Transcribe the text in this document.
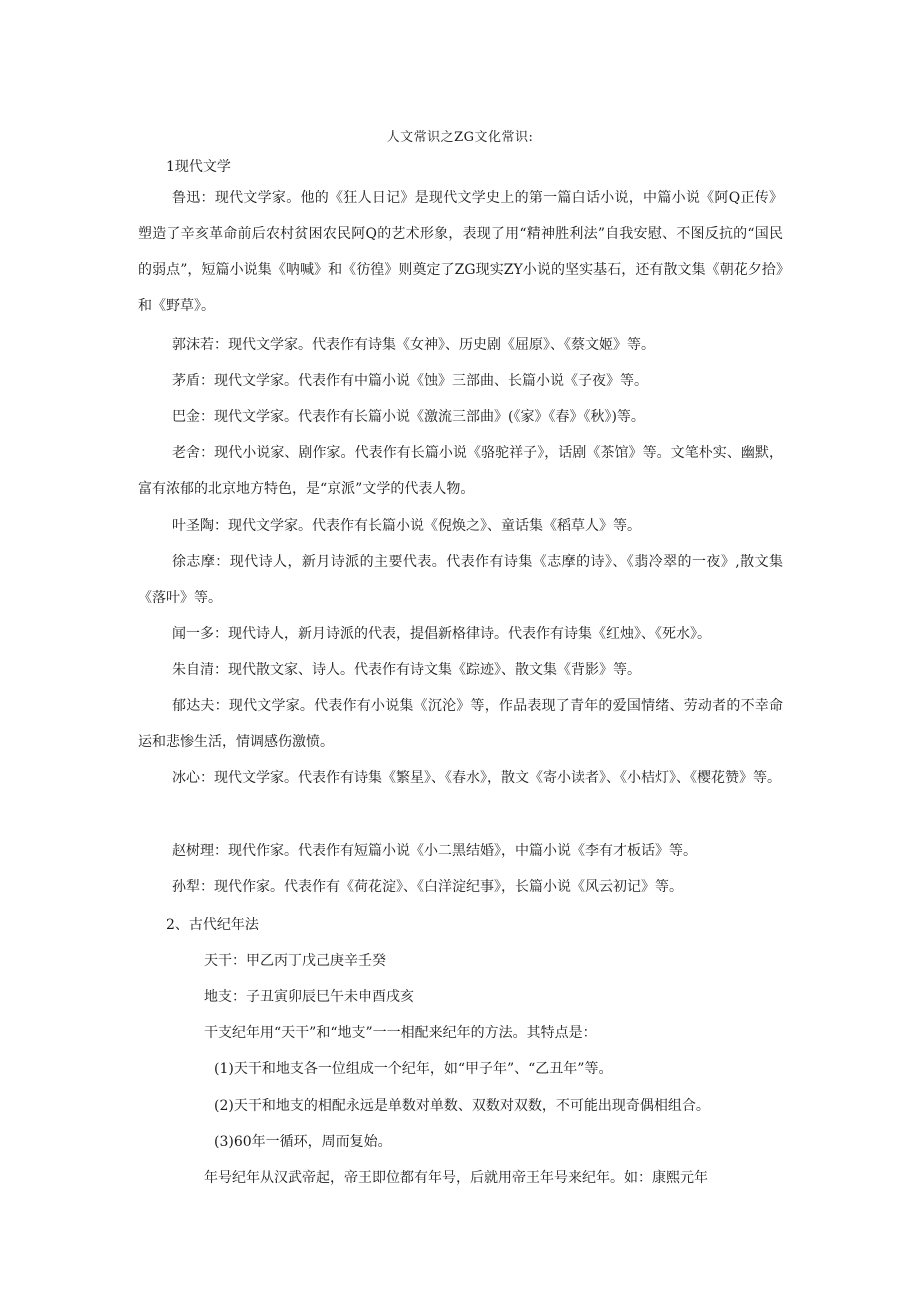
人文常识之ZG文化常识:
1现代文学

鲁迅：现代文学家。他的《狂人日记》是现代文学史上的第一篇白话小说，中篇小说《阿Q正传》塑造了辛亥革命前后农村贫困农民阿Q的艺术形象，表现了用“精神胜利法”自我安慰、不图反抗的“国民的弱点”，短篇小说集《呐喊》和《彷徨》则奠定了ZG现实ZY小说的坚实基石，还有散文集《朝花夕拾》和《野草》。

郭沫若：现代文学家。代表作有诗集《女神》、历史剧《屈原》、《蔡文姬》等。

茅盾：现代文学家。代表作有中篇小说《蚀》三部曲、长篇小说《子夜》等。

巴金：现代文学家。代表作有长篇小说《激流三部曲》(《家》《春》《秋》)等。

老舍：现代小说家、剧作家。代表作有长篇小说《骆驼祥子》，话剧《茶馆》等。文笔朴实、幽默，富有浓郁的北京地方特色，是“京派”文学的代表人物。

叶圣陶：现代文学家。代表作有长篇小说《倪焕之》、童话集《稻草人》等。

徐志摩：现代诗人，新月诗派的主要代表。代表作有诗集《志摩的诗》、《翡冷翠的一夜》,散文集《落叶》等。

闻一多：现代诗人，新月诗派的代表，提倡新格律诗。代表作有诗集《红烛》、《死水》。

朱自清：现代散文家、诗人。代表作有诗文集《踪迹》、散文集《背影》等。

郁达夫：现代文学家。代表作有小说集《沉沦》等，作品表现了青年的爱国情绪、劳动者的不幸命运和悲惨生活，情调感伤激愤。

冰心：现代文学家。代表作有诗集《繁星》、《春水》，散文《寄小读者》、《小桔灯》、《樱花赞》等。

赵树理：现代作家。代表作有短篇小说《小二黑结婚》，中篇小说《李有才板话》等。

孙犁：现代作家。代表作有《荷花淀》、《白洋淀纪事》，长篇小说《风云初记》等。

2、古代纪年法
天干：甲乙丙丁戊己庚辛壬癸
地支：子丑寅卯辰巳午未申酉戌亥
干支纪年用“天干”和“地支”一一相配来纪年的方法。其特点是：
(1)天干和地支各一位组成一个纪年，如“甲子年”、“乙丑年”等。
(2)天干和地支的相配永远是单数对单数、双数对双数，不可能出现奇偶相组合。
(3)60年一循环，周而复始。
年号纪年从汉武帝起，帝王即位都有年号，后就用帝王年号来纪年。如：康熙元年
